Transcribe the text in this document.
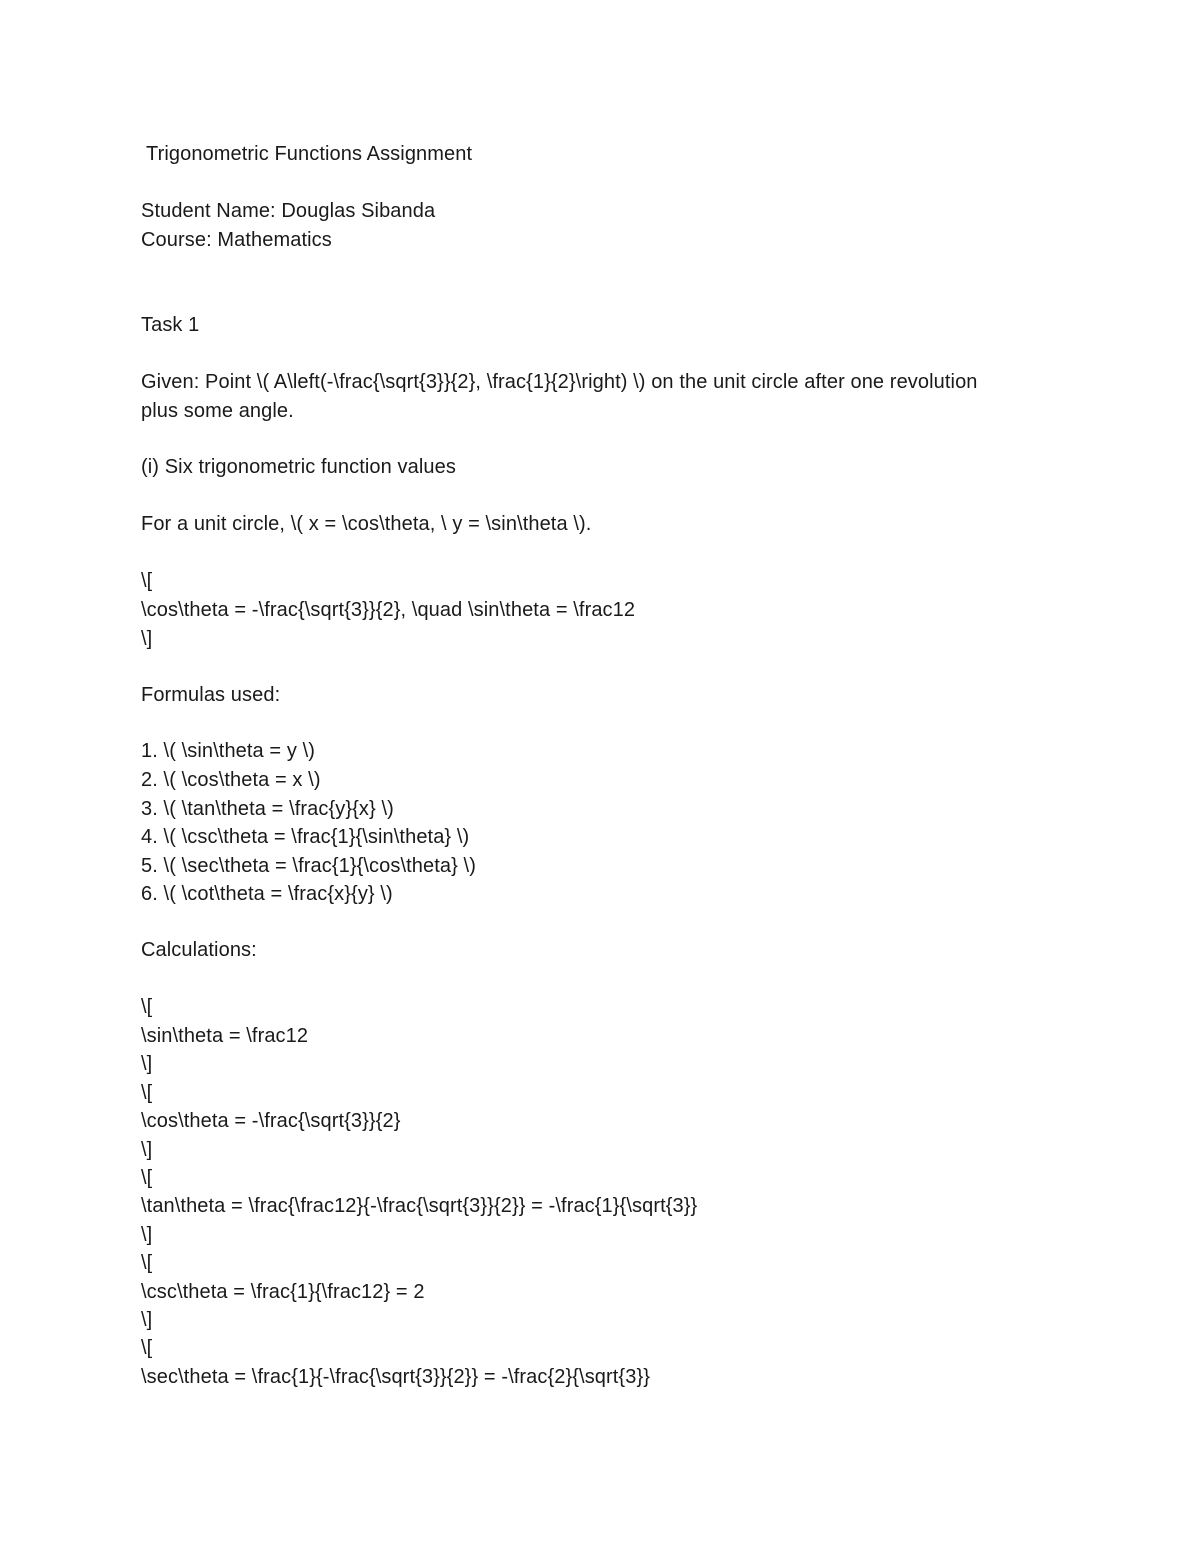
Trigonometric Functions Assignment
Student Name: Douglas Sibanda
Course: Mathematics
Task 1
Given: Point \( A\left(-\frac{\sqrt{3}}{2}, \frac{1}{2}\right) \) on the unit circle after one revolution
plus some angle.
(i) Six trigonometric function values
For a unit circle, \( x = \cos\theta, \ y = \sin\theta \).
\[
\cos\theta = -\frac{\sqrt{3}}{2}, \quad \sin\theta = \frac12
\]
Formulas used:
1. \( \sin\theta = y \)
2. \( \cos\theta = x \)
3. \( \tan\theta = \frac{y}{x} \)
4. \( \csc\theta = \frac{1}{\sin\theta} \)
5. \( \sec\theta = \frac{1}{\cos\theta} \)
6. \( \cot\theta = \frac{x}{y} \)
Calculations:
\[
\sin\theta = \frac12
\]
\[
\cos\theta = -\frac{\sqrt{3}}{2}
\]
\[
\tan\theta = \frac{\frac12}{-\frac{\sqrt{3}}{2}} = -\frac{1}{\sqrt{3}}
\]
\[
\csc\theta = \frac{1}{\frac12} = 2
\]
\[
\sec\theta = \frac{1}{-\frac{\sqrt{3}}{2}} = -\frac{2}{\sqrt{3}}
